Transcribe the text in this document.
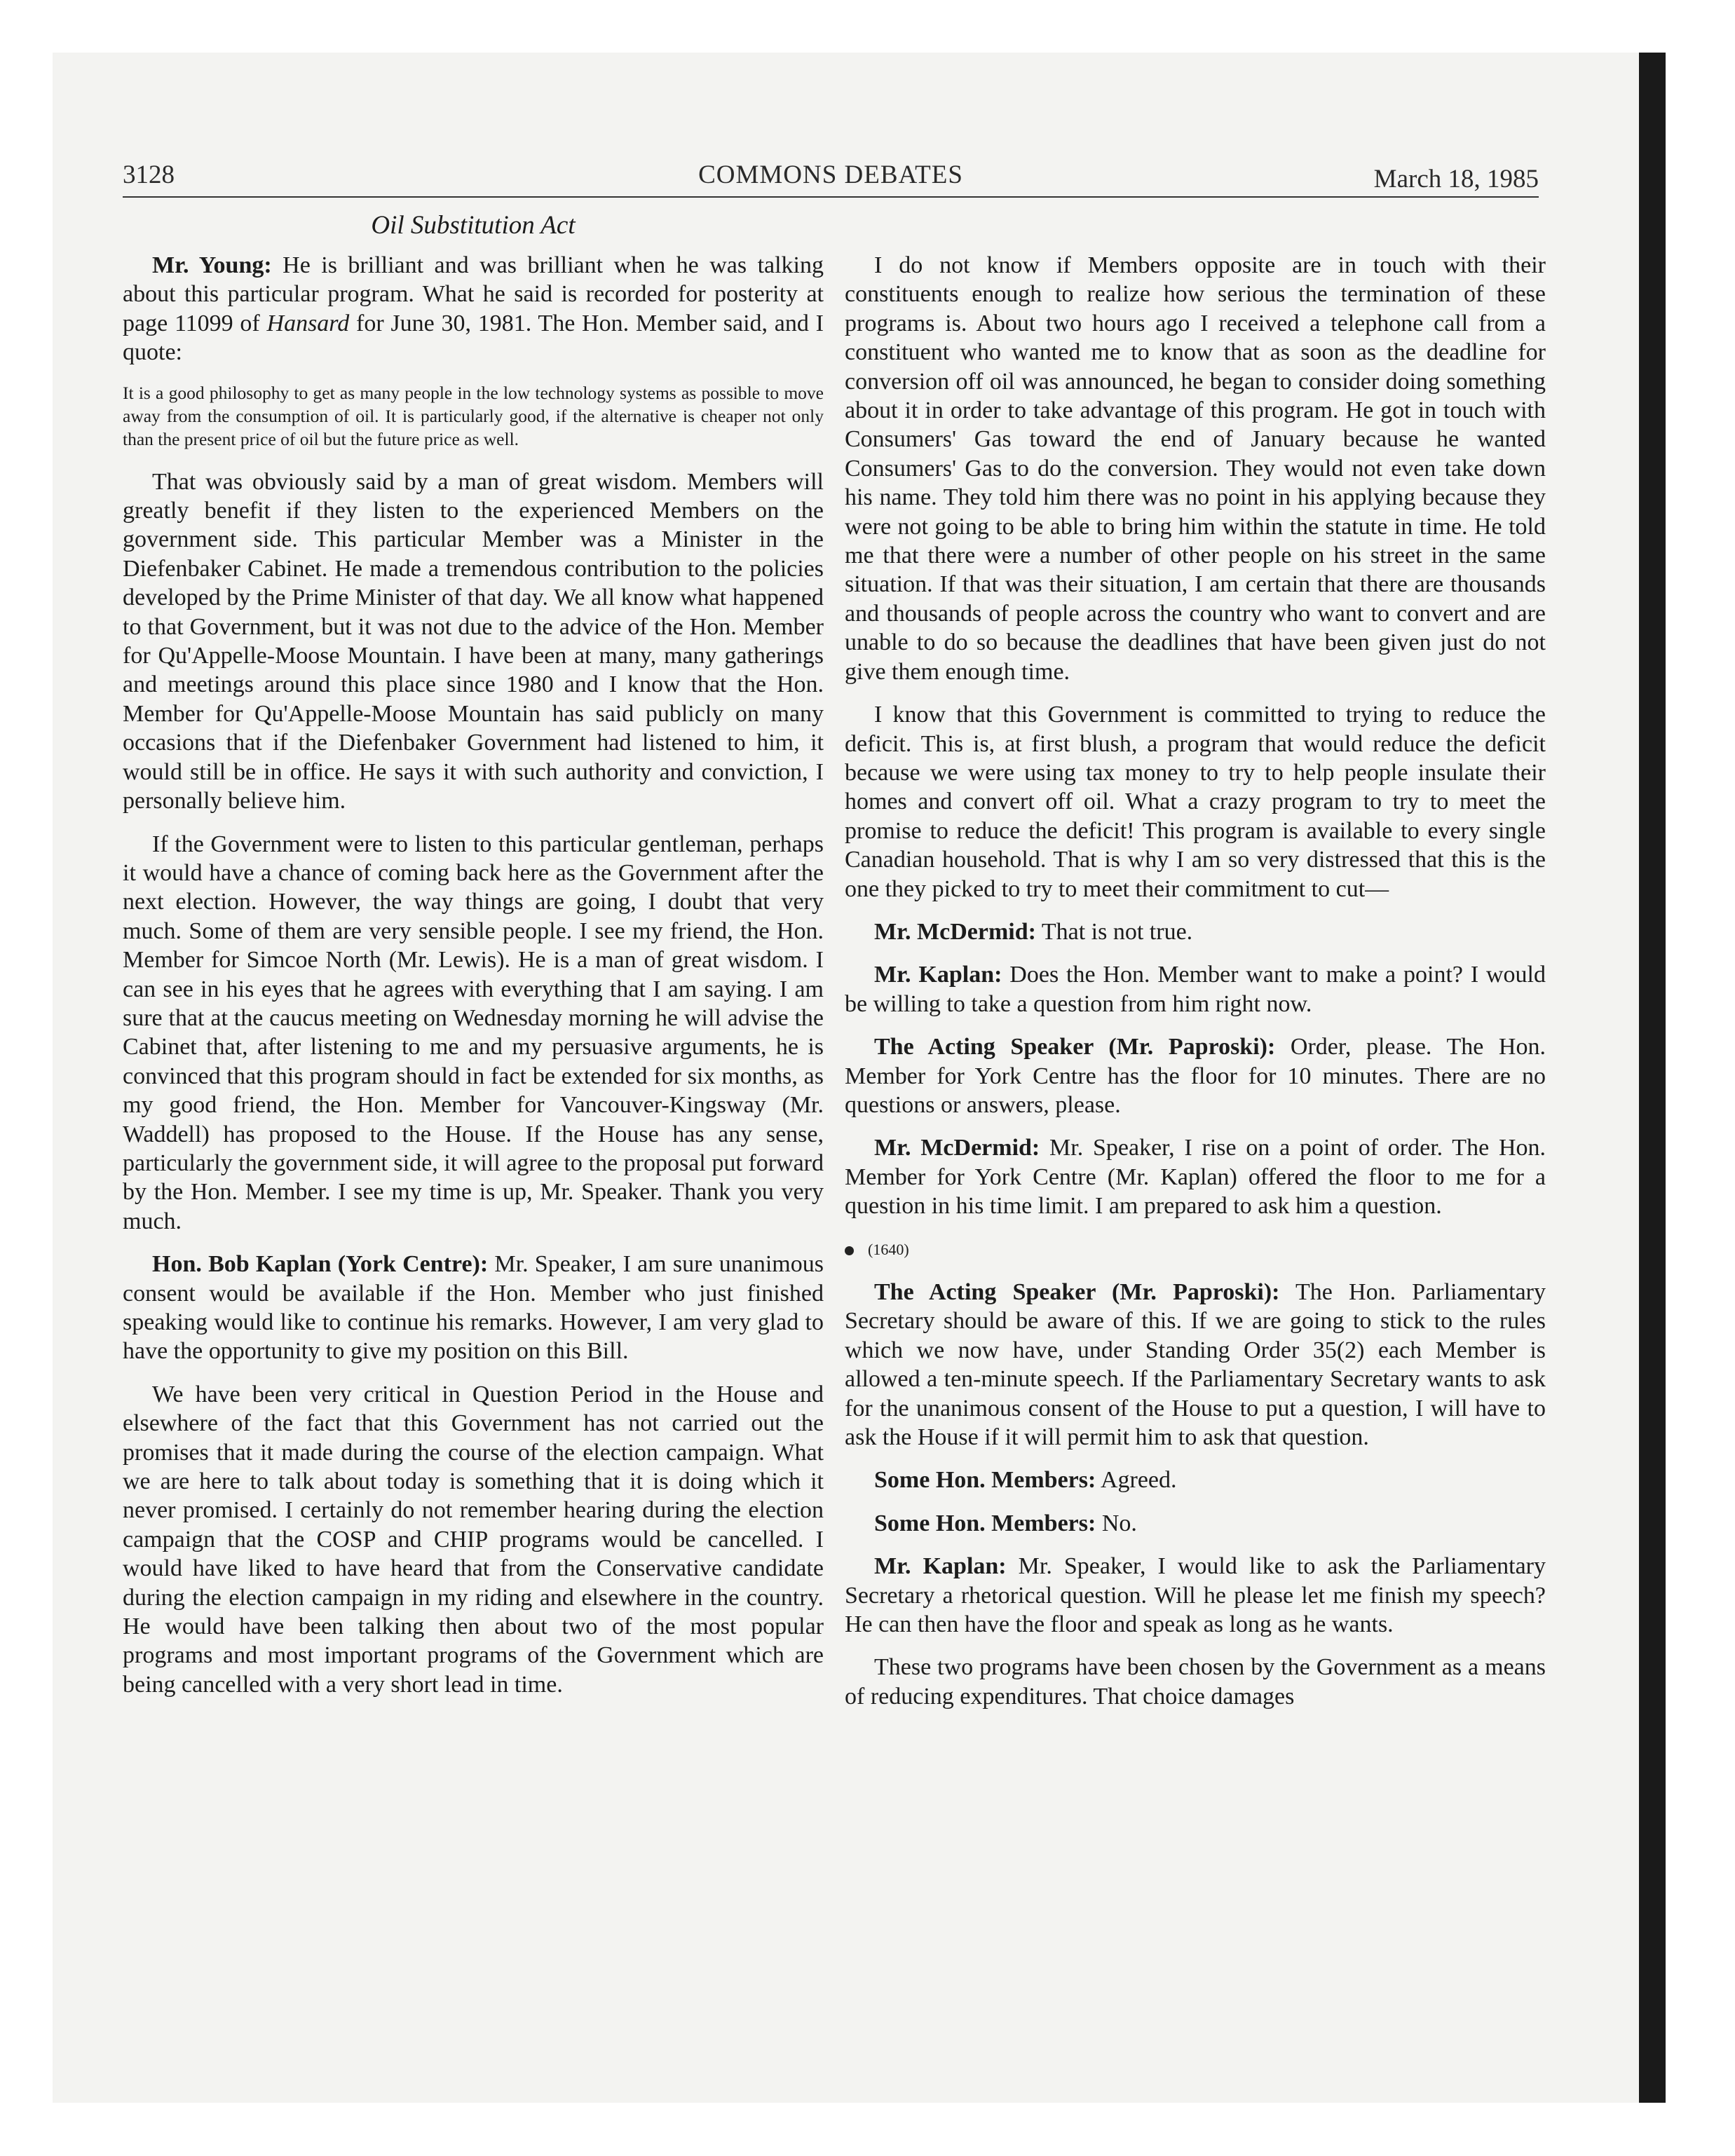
3128	COMMONS DEBATES	March 18, 1985
Oil Substitution Act

Mr. Young: He is brilliant and was brilliant when he was talking about this particular program. What he said is recorded for posterity at page 11099 of Hansard for June 30, 1981. The Hon. Member said, and I quote:

It is a good philosophy to get as many people in the low technology systems as possible to move away from the consumption of oil. It is particularly good, if the alternative is cheaper not only than the present price of oil but the future price as well.

That was obviously said by a man of great wisdom. Members will greatly benefit if they listen to the experienced Members on the government side. This particular Member was a Minister in the Diefenbaker Cabinet. He made a tremendous contribution to the policies developed by the Prime Minister of that day. We all know what happened to that Government, but it was not due to the advice of the Hon. Member for Qu'Appelle-Moose Mountain. I have been at many, many gatherings and meetings around this place since 1980 and I know that the Hon. Member for Qu'Appelle-Moose Mountain has said publicly on many occasions that if the Diefenbaker Government had listened to him, it would still be in office. He says it with such authority and conviction, I personally believe him.

If the Government were to listen to this particular gentleman, perhaps it would have a chance of coming back here as the Government after the next election. However, the way things are going, I doubt that very much. Some of them are very sensible people. I see my friend, the Hon. Member for Simcoe North (Mr. Lewis). He is a man of great wisdom. I can see in his eyes that he agrees with everything that I am saying. I am sure that at the caucus meeting on Wednesday morning he will advise the Cabinet that, after listening to me and my persuasive arguments, he is convinced that this program should in fact be extended for six months, as my good friend, the Hon. Member for Vancouver-Kingsway (Mr. Waddell) has proposed to the House. If the House has any sense, particularly the government side, it will agree to the proposal put forward by the Hon. Member. I see my time is up, Mr. Speaker. Thank you very much.

Hon. Bob Kaplan (York Centre): Mr. Speaker, I am sure unanimous consent would be available if the Hon. Member who just finished speaking would like to continue his remarks. However, I am very glad to have the opportunity to give my position on this Bill.

We have been very critical in Question Period in the House and elsewhere of the fact that this Government has not carried out the promises that it made during the course of the election campaign. What we are here to talk about today is something that it is doing which it never promised. I certainly do not remember hearing during the election campaign that the COSP and CHIP programs would be cancelled. I would have liked to have heard that from the Conservative candidate during the election campaign in my riding and elsewhere in the country. He would have been talking then about two of the most popular programs and most important programs of the Government which are being cancelled with a very short lead in time.

I do not know if Members opposite are in touch with their constituents enough to realize how serious the termination of these programs is. About two hours ago I received a telephone call from a constituent who wanted me to know that as soon as the deadline for conversion off oil was announced, he began to consider doing something about it in order to take advantage of this program. He got in touch with Consumers' Gas toward the end of January because he wanted Consumers' Gas to do the conversion. They would not even take down his name. They told him there was no point in his applying because they were not going to be able to bring him within the statute in time. He told me that there were a number of other people on his street in the same situation. If that was their situation, I am certain that there are thousands and thousands of people across the country who want to convert and are unable to do so because the deadlines that have been given just do not give them enough time.

I know that this Government is committed to trying to reduce the deficit. This is, at first blush, a program that would reduce the deficit because we were using tax money to try to help people insulate their homes and convert off oil. What a crazy program to try to meet the promise to reduce the deficit! This program is available to every single Canadian household. That is why I am so very distressed that this is the one they picked to try to meet their commitment to cut—

Mr. McDermid: That is not true.

Mr. Kaplan: Does the Hon. Member want to make a point? I would be willing to take a question from him right now.

The Acting Speaker (Mr. Paproski): Order, please. The Hon. Member for York Centre has the floor for 10 minutes. There are no questions or answers, please.

Mr. McDermid: Mr. Speaker, I rise on a point of order. The Hon. Member for York Centre (Mr. Kaplan) offered the floor to me for a question in his time limit. I am prepared to ask him a question.

(1640)

The Acting Speaker (Mr. Paproski): The Hon. Parliamentary Secretary should be aware of this. If we are going to stick to the rules which we now have, under Standing Order 35(2) each Member is allowed a ten-minute speech. If the Parliamentary Secretary wants to ask for the unanimous consent of the House to put a question, I will have to ask the House if it will permit him to ask that question.

Some Hon. Members: Agreed.

Some Hon. Members: No.

Mr. Kaplan: Mr. Speaker, I would like to ask the Parliamentary Secretary a rhetorical question. Will he please let me finish my speech? He can then have the floor and speak as long as he wants.

These two programs have been chosen by the Government as a means of reducing expenditures. That choice damages
